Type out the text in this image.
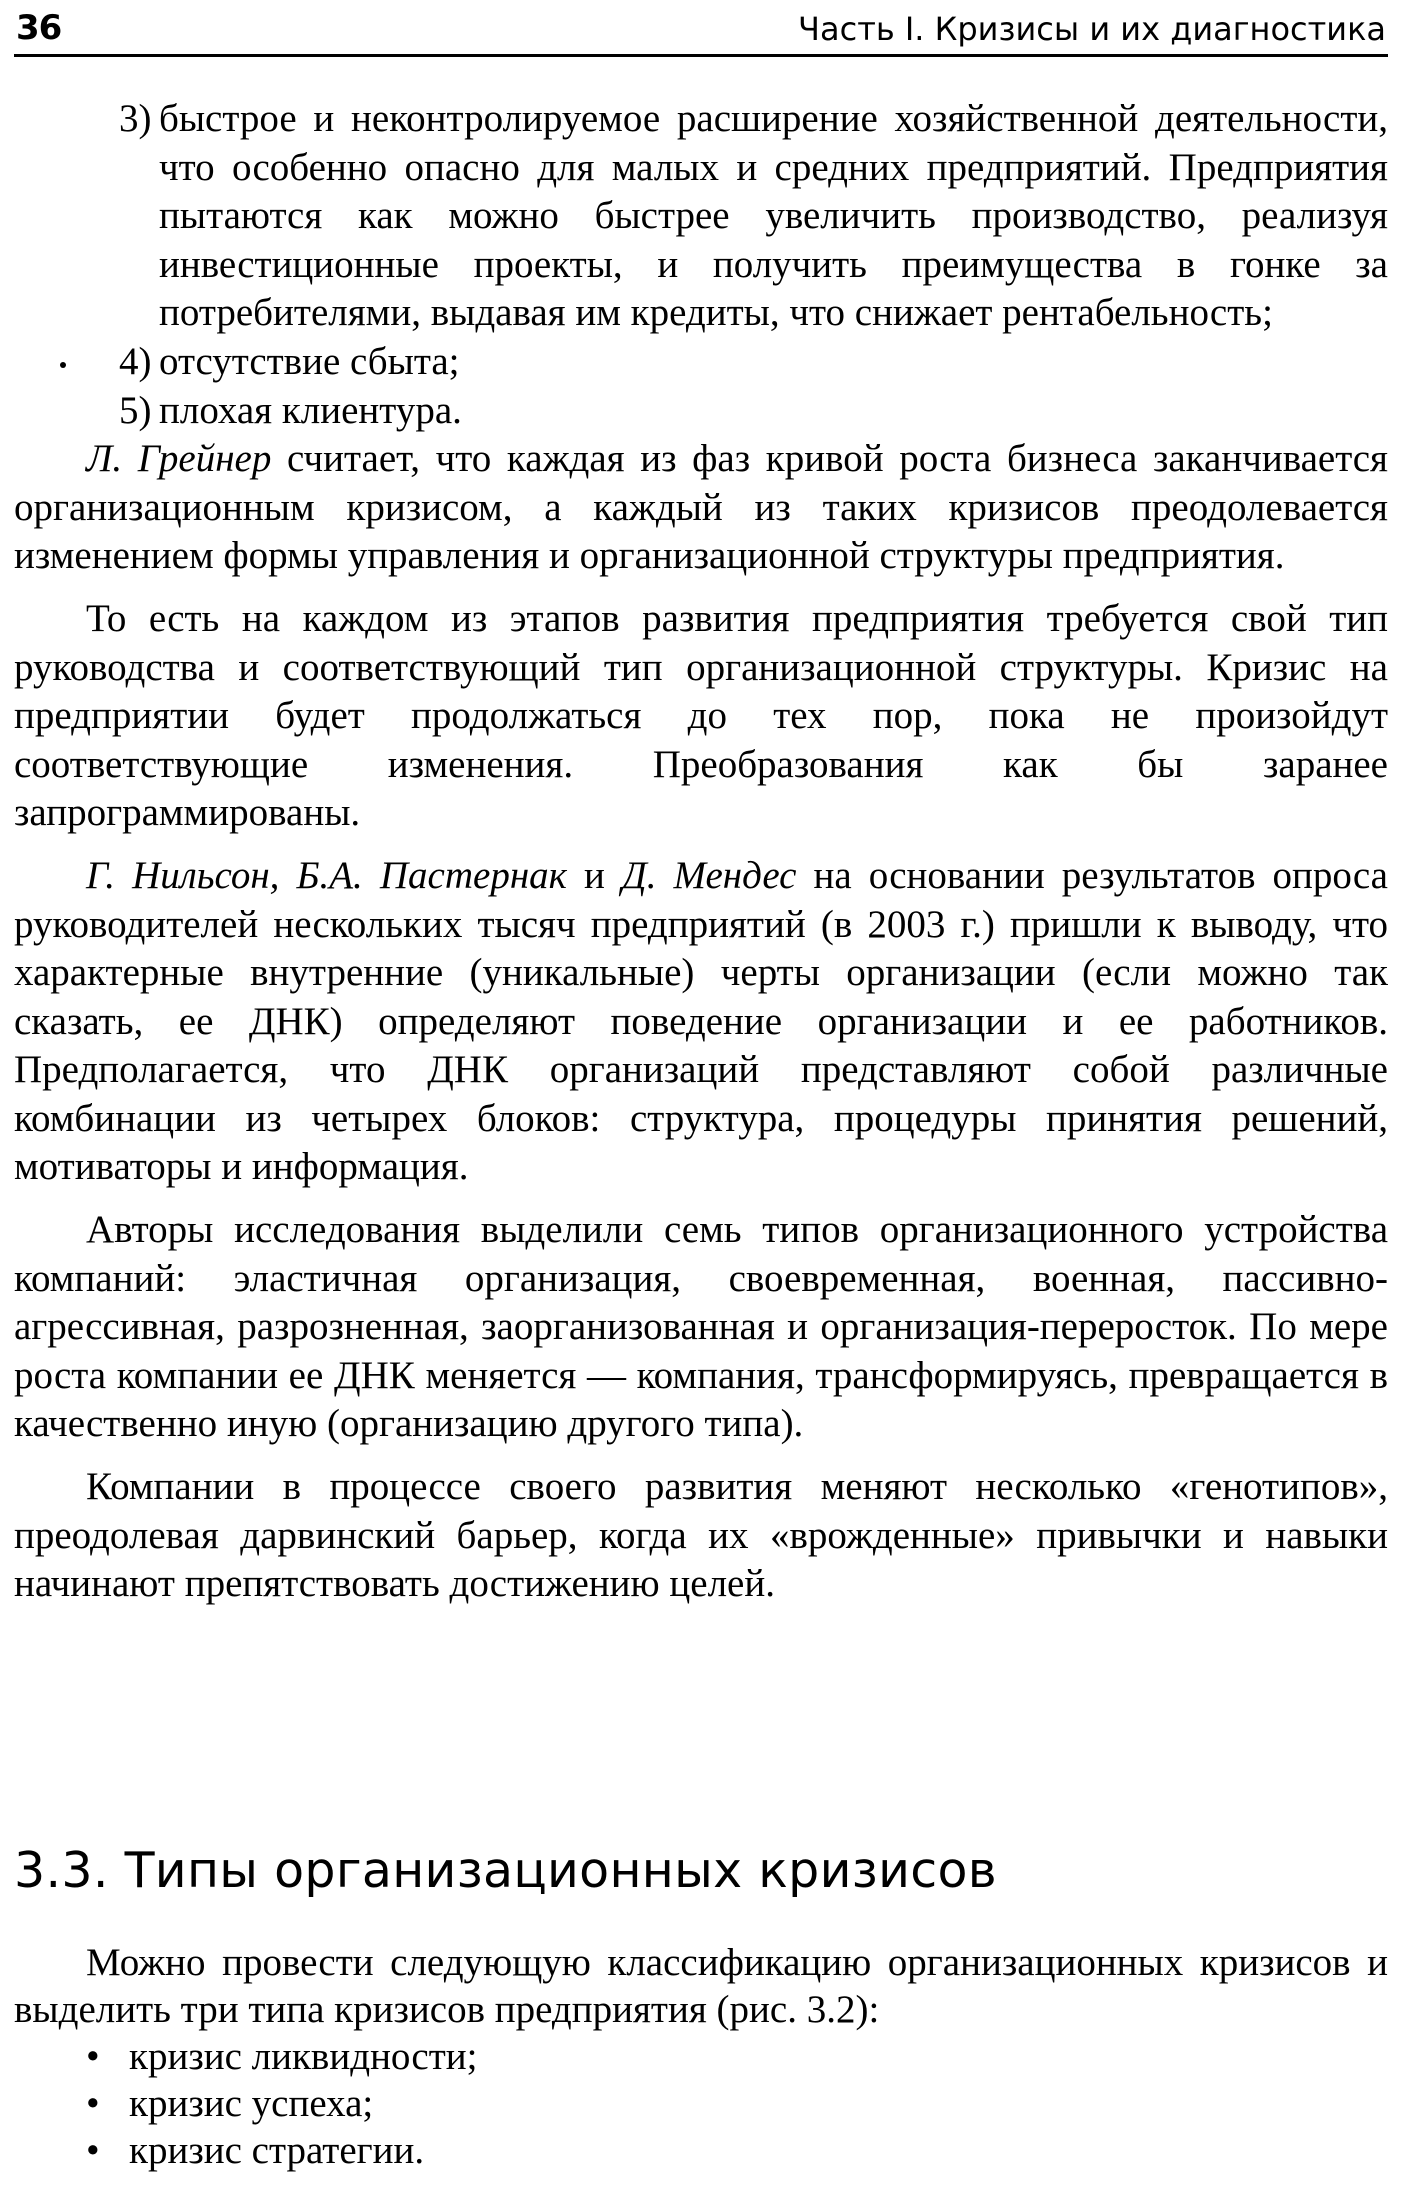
36	Часть I. Кризисы и их диагностика

3) быстрое и неконтролируемое расширение хозяйственной деятельности, что особенно опасно для малых и средних предприятий. Предприятия пытаются как можно быстрее увеличить производство, реализуя инвестиционные проекты, и получить преимущества в гонке за потребителями, выдавая им кредиты, что снижает рентабельность;

4) отсутствие сбыта;

5) плохая клиентура.

Л. Грейнер считает, что каждая из фаз кривой роста бизнеса заканчивается организационным кризисом, а каждый из таких кризисов преодолевается изменением формы управления и организационной структуры предприятия.

То есть на каждом из этапов развития предприятия требуется свой тип руководства и соответствующий тип организационной структуры. Кризис на предприятии будет продолжаться до тех пор, пока не произойдут соответствующие изменения. Преобразования как бы заранее запрограммированы.

Г. Нильсон, Б.А. Пастернак и Д. Мендес на основании результатов опроса руководителей нескольких тысяч предприятий (в 2003 г.) пришли к выводу, что характерные внутренние (уникальные) черты организации (если можно так сказать, ее ДНК) определяют поведение организации и ее работников. Предполагается, что ДНК организаций представляют собой различные комбинации из четырех блоков: структура, процедуры принятия решений, мотиваторы и информация.

Авторы исследования выделили семь типов организационного устройства компаний: эластичная организация, своевременная, военная, пассивно-агрессивная, разрозненная, заорганизованная и организация-переросток. По мере роста компании ее ДНК меняется — компания, трансформируясь, превращается в качественно иную (организацию другого типа).

Компании в процессе своего развития меняют несколько «генотипов», преодолевая дарвинский барьер, когда их «врожденные» привычки и навыки начинают препятствовать достижению целей.

3.3. Типы организационных кризисов

Можно провести следующую классификацию организационных кризисов и выделить три типа кризисов предприятия (рис. 3.2):

• кризис ликвидности;
• кризис успеха;
• кризис стратегии.
